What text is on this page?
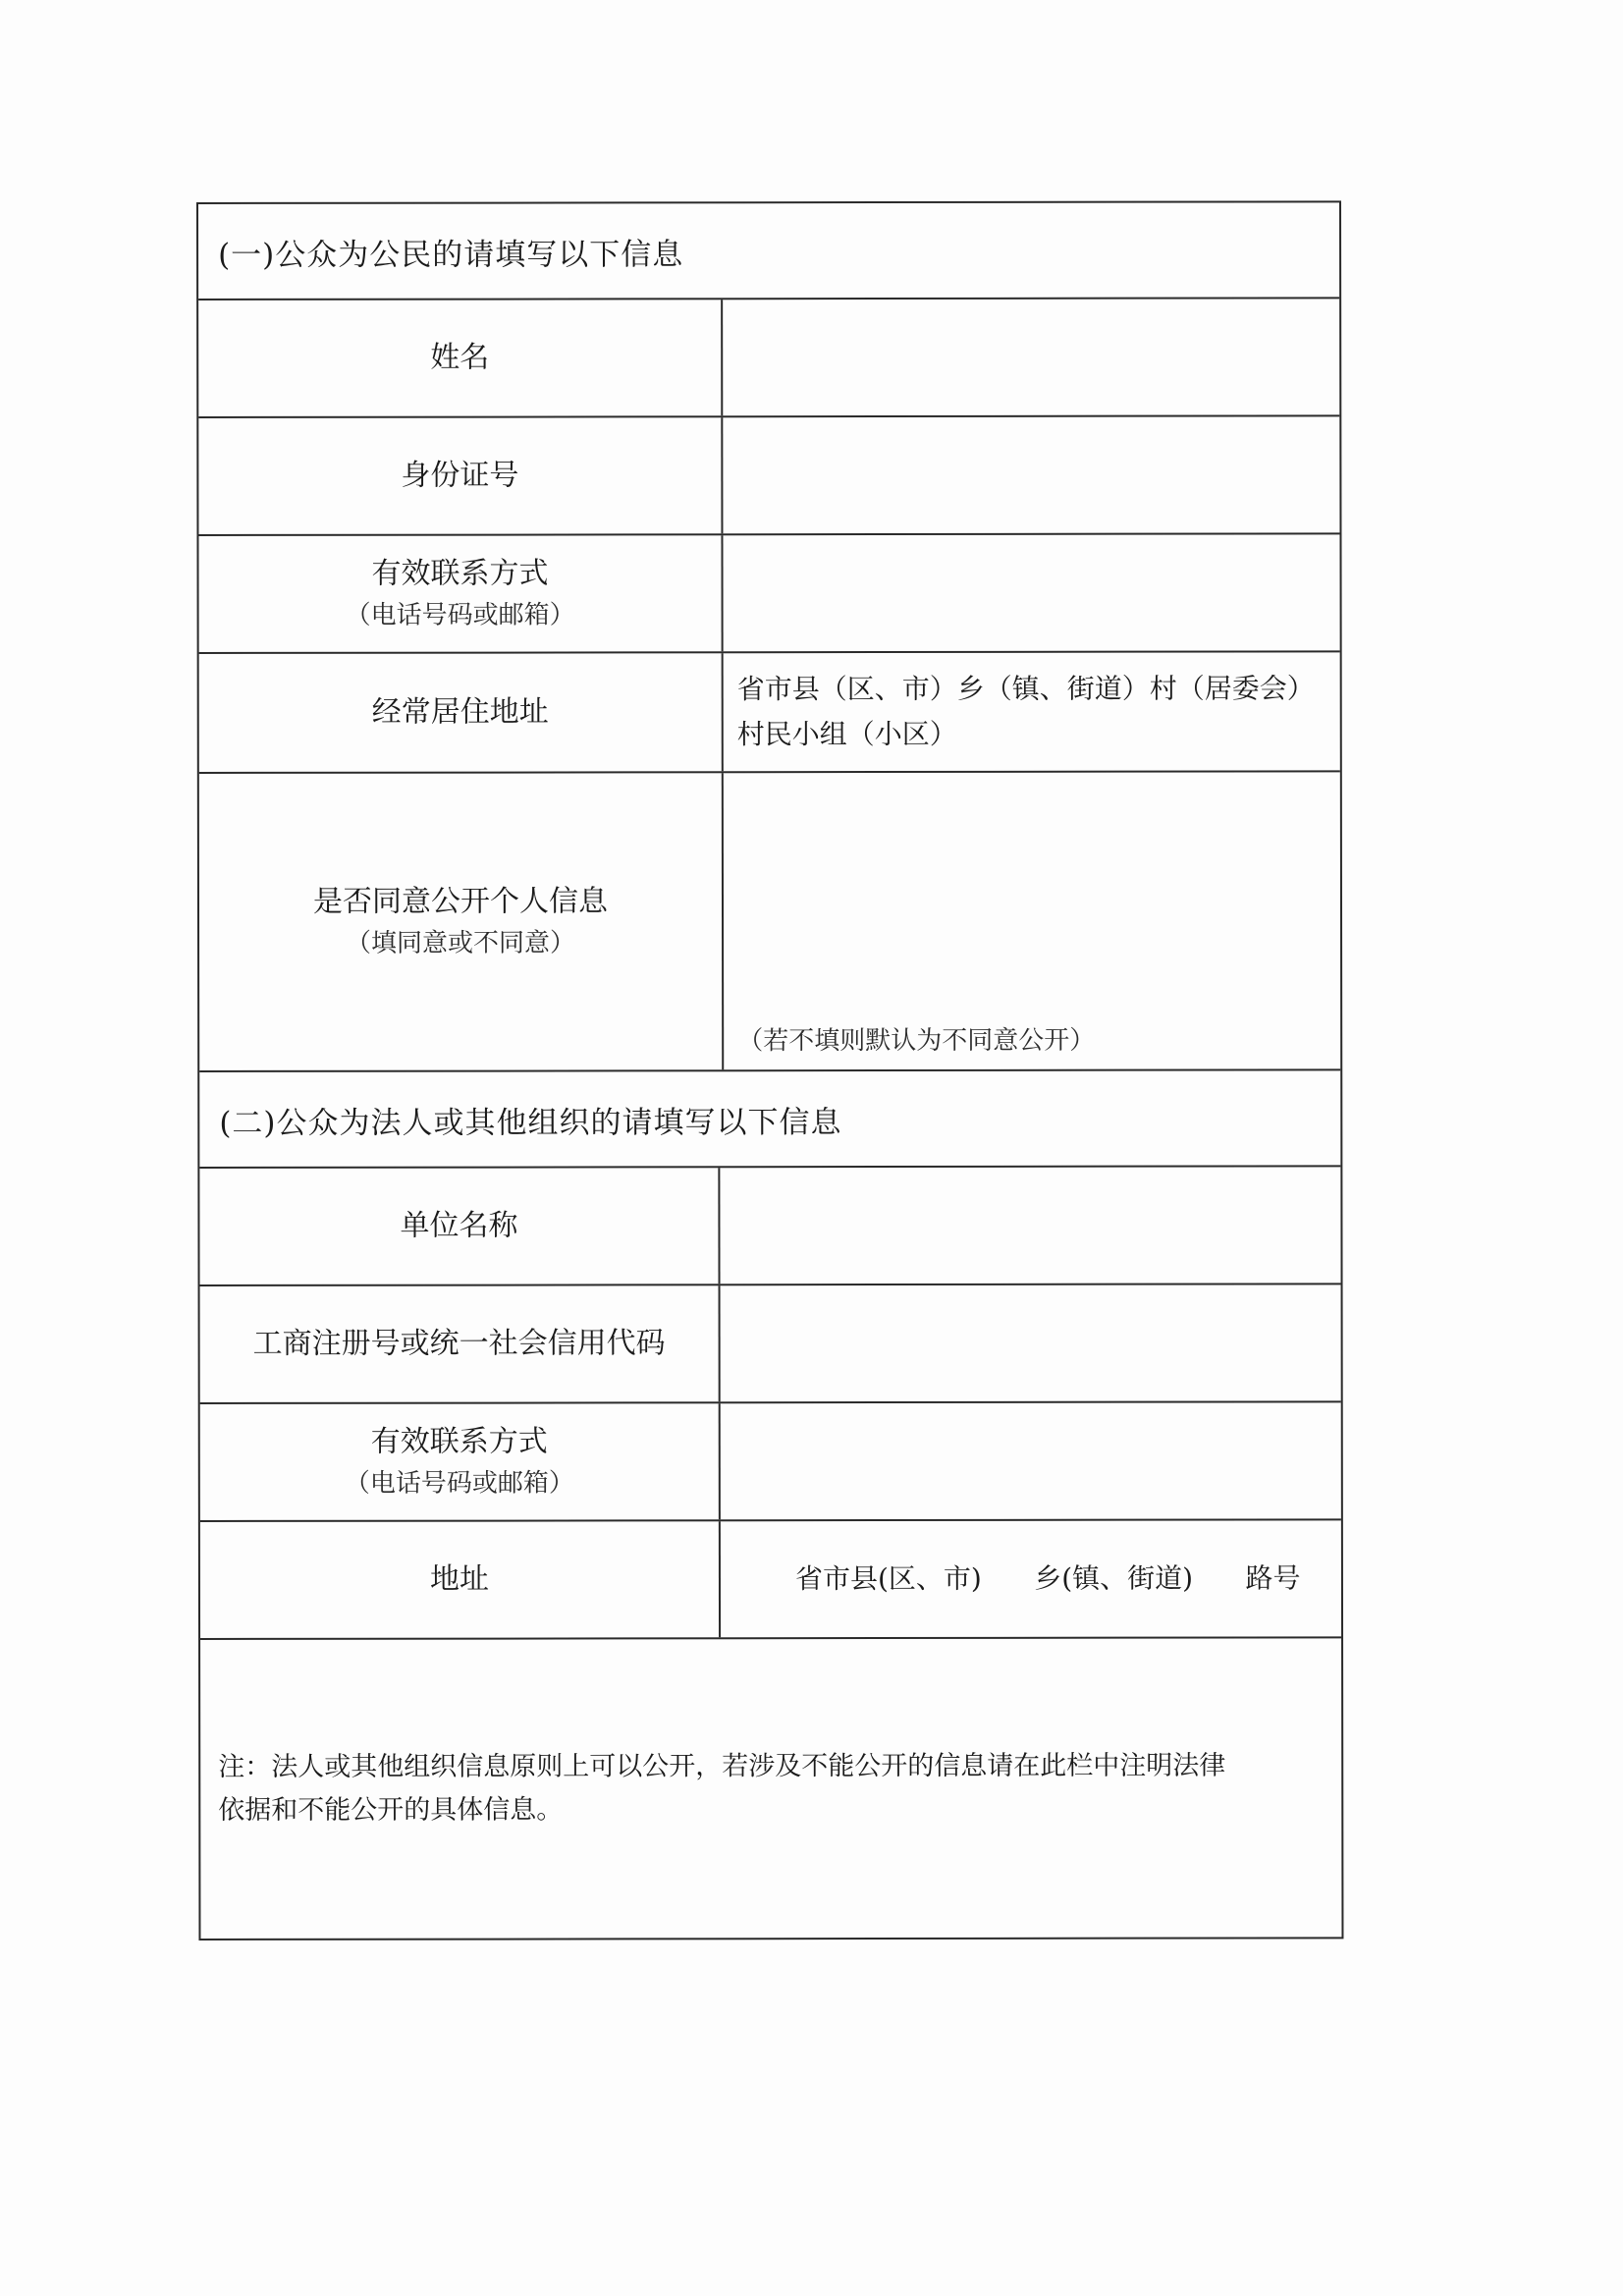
(一)公众为公民的请填写以下信息
姓名
身份证号
有效联系方式
（电话号码或邮箱）
经常居住地址
省市县（区、市）乡（镇、街道）村（居委会）
村民小组（小区）
是否同意公开个人信息
（填同意或不同意）
（若不填则默认为不同意公开）
(二)公众为法人或其他组织的请填写以下信息
单位名称
工商注册号或统一社会信用代码
有效联系方式
（电话号码或邮箱）
地址	省市县(区、市)      乡(镇、街道)      路号
注：法人或其他组织信息原则上可以公开，若涉及不能公开的信息请在此栏中注明法律
依据和不能公开的具体信息。
